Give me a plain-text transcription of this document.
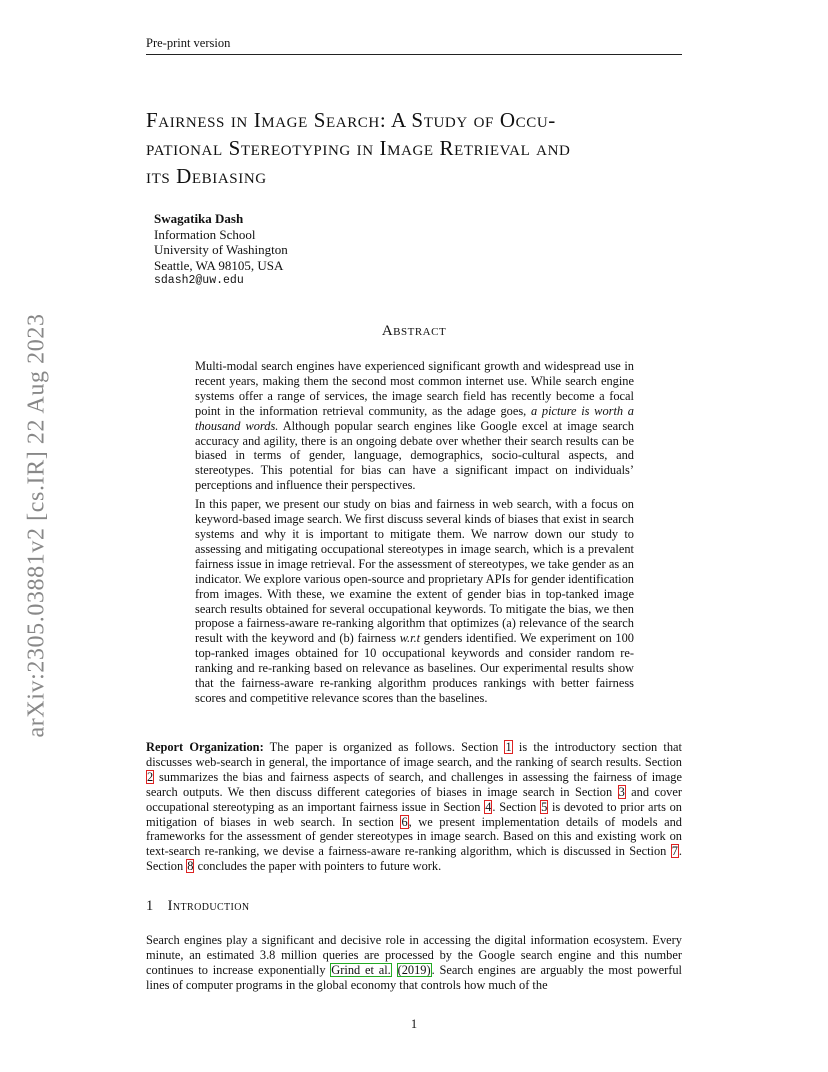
Pre-print version
Fairness in Image Search: A Study of Occu-
pational Stereotyping in Image Retrieval and
its Debiasing
Swagatika Dash
Information School
University of Washington
Seattle, WA 98105, USA
sdash2@uw.edu
arXiv:2305.03881v2 [cs.IR] 22 Aug 2023	Abstract

Multi-modal search engines have experienced significant growth and widespread use in recent years, making them the second most common internet use. While search engine systems offer a range of services, the image search field has recently become a focal point in the information retrieval community, as the adage goes, a picture is worth a thousand words. Although popular search engines like Google excel at image search accuracy and agility, there is an ongoing debate over whether their search results can be biased in terms of gender, language, demographics, socio-cultural aspects, and stereotypes. This potential for bias can have a significant impact on individuals’ perceptions and influence their perspectives.

In this paper, we present our study on bias and fairness in web search, with a focus on keyword-based image search. We first discuss several kinds of biases that exist in search systems and why it is important to mitigate them. We narrow down our study to assessing and mitigating occupational stereotypes in image search, which is a prevalent fairness issue in image retrieval. For the assessment of stereotypes, we take gender as an indicator. We explore various open-source and proprietary APIs for gender identification from images. With these, we examine the extent of gender bias in top-tanked image search results obtained for several occupational keywords. To mitigate the bias, we then propose a fairness-aware re-ranking algorithm that optimizes (a) relevance of the search result with the keyword and (b) fairness w.r.t genders identified. We experiment on 100 top-ranked images obtained for 10 occupational keywords and consider random re-ranking and re-ranking based on relevance as baselines. Our experimental results show that the fairness-aware re-ranking algorithm produces rankings with better fairness scores and competitive relevance scores than the baselines.

Report Organization: The paper is organized as follows. Section 1 is the introductory section that discusses web-search in general, the importance of image search, and the ranking of search results. Section 2 summarizes the bias and fairness aspects of search, and challenges in assessing the fairness of image search outputs. We then discuss different categories of biases in image search in Section 3 and cover occupational stereotyping as an important fairness issue in Section 4. Section 5 is devoted to prior arts on mitigation of biases in web search. In section 6, we present implementation details of models and frameworks for the assessment of gender stereotypes in image search. Based on this and existing work on text-search re-ranking, we devise a fairness-aware re-ranking algorithm, which is discussed in Section 7. Section 8 concludes the paper with pointers to future work.

1 Introduction

Search engines play a significant and decisive role in accessing the digital information ecosystem. Every minute, an estimated 3.8 million queries are processed by the Google search engine and this number continues to increase exponentially Grind et al. (2019). Search engines are arguably the most powerful lines of computer programs in the global economy that controls how much of the

1
